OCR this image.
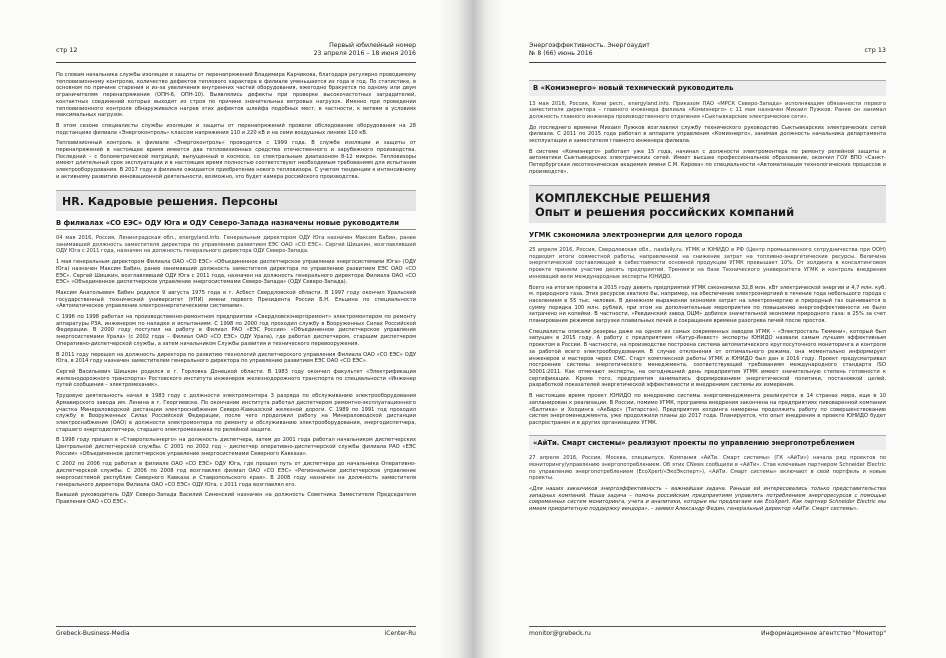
стр 12
Первый юбилейный номер
23 апреля 2016 – 18 июня 2016

По словам начальника службы изоляции и защиты от перенапряжений Владимира Карчикова, благодаря регулярно проводимому тепловизионному контролю, количество дефектов теплового характера в филиале уменьшается из года в год. По статистике, в основном по причине старения и из-за увеличения внутренних частей оборудования, ежегодно бракуется по одному или двум ограничителям перенапряжения (ОПН-6, ОПН-10). Выявлялись дефекты при проверке высокочастотных заградителей, контактных соединений которых выходят из строя по причине значительных ветровых нагрузок. Именно при проведении тепловизионного контроля обнаруживался нагрев этих дефектов шлейфа подобных мест, в частности, к ветвям в условиях максимальных нагрузок.

В этом сезоне специалисты службы изоляции и защиты от перенапряжений провели обследование оборудования на 28 подстанциях филиала «Энергоконтроль» классом напряжения 110 и 220 кВ и на семи воздушных линиях 110 кВ.

Тепловизионный контроль в филиале «Энергоконтроль» проводится с 1999 года. В службе изоляции и защиты от перенапряжений в настоящее время имеется два тепловизионных средства отечественного и зарубежного производства. Последний – с болометрической матрицей, выпущенный в космосе, со спектральным диапазоном 8-12 микрон. Тепловизоры имеют длительный срок эксплуатации и в настоящее время полностью соответствуют необходимым требованиям для испытания электрооборудования. В 2017 году в филиале ожидается приобретение нового тепловизора. С учетом тенденции к интенсивному и активному развитию инновационной деятельности, возможно, это будет камера российского производства.

HR. Кадровые решения. Персоны
В филиалах «СО ЕЭС» ОДУ Юга и ОДУ Северо-Запада назначены новые руководители

04 мая 2016, Россия, Ленинградская обл., energyland.info. Генеральным директором ОДУ Юга назначен Максим Бабин, ранее занимавший должность заместителя директора по управлению развитием ЕЭС ОАО «СО ЕЭС». Сергей Шишкин, возглавлявший ОДУ Юга с 2011 года, назначен на должность генерального директора ОДУ Северо-Запада.

1 мая генеральным директором Филиала ОАО «СО ЕЭС» «Объединенное диспетчерское управление энергосистемами Юга» (ОДУ Юга) назначен Максим Бабин, ранее занимавший должность заместителя директора по управлению развитием ЕЭС ОАО «СО ЕЭС». Сергей Шишкин, возглавлявший ОДУ Юга с 2011 года, назначен на должность генерального директора Филиала ОАО «СО ЕЭС» «Объединенное диспетчерское управление энергосистемами Северо-Запада» (ОДУ Северо-Запада).

Максим Анатольевич Бабин родился 9 августа 1975 года в г. Асбест Свердловской области. В 1997 году окончил Уральский государственный технический университет (УПИ) имени первого Президента России Б.Н. Ельцина по специальности «Автоматическое управление электроэнергетическими системами».

С 1996 по 1998 работал на производственно-ремонтном предприятии «Свердловскэнергоремонт» электромонтером по ремонту аппаратуры РЗА, инженером по наладке и испытаниям. С 1998 по 2000 год проходил службу в Вооруженных Силах Российской Федерации. В 2000 году поступил на работу в Филиал РАО «ЕЭС России» «Объединенное диспетчерское управление энергосистемами Урала» (с 2002 года – Филиал ОАО «СО ЕЭС» ОДУ Урала), где работал диспетчером, старшим диспетчером Оперативно-диспетчерской службы, а затем начальником Службы развития и технического перевооружения.

В 2011 году перешел на должность директора по развитию технологий диспетчерского управления Филиала ОАО «СО ЕЭС» ОДУ Юга, в 2014 году назначен заместителем генерального директора по управлению развитием ЕЭС ОАО «СО ЕЭС».

Сергей Васильевич Шишкин родился в г. Горловка Донецкой области. В 1983 году окончил факультет «Электрификация железнодорожного транспорта» Ростовского института инженеров железнодорожного транспорта по специальности «Инженер путей сообщения – электромеханик».

Трудовую деятельность начал в 1983 году с должности электромонтера 3 разряда по обслуживанию электрооборудования Армавирского завода им. Ленина в г. Георгиевске. По окончании института работал диспетчером ремонтно-эксплуатационного участка Минераловодской дистанции электроснабжения Северо-Кавказской железной дороги. С 1989 по 1991 год проходил службу в Вооруженных Силах Российской Федерации, после чего продолжил работу на Минераловодской дистанции электроснабжения (ОАО) в должности электромонтера по ремонту и обслуживанию электрооборудования, энергодиспетчера, старшего энергодиспетчера, старшего электромеханика по релейной защите.

В 1998 году пришел в «Ставропольэнерго» на должность диспетчера, затем до 2001 года работал начальником диспетчерских Центральной диспетчерской службы. С 2001 по 2002 год – диспетчер оперативно-диспетчерской службы филиала РАО «ЕЭС России» «Объединенное диспетчерское управление энергосистемами Северного Кавказа».

С 2002 по 2006 год работал в филиале ОАО «СО ЕЭС» ОДУ Юга, где прошел путь от диспетчера до начальника Оперативно-диспетчерской службы. С 2006 по 2008 год возглавлял филиал ОАО «СО ЕЭС» «Региональное диспетчерское управление энергосистемой республик Северного Кавказа и Ставропольского края». В 2008 году назначен на должность заместителя генерального директора Филиала ОАО «СО ЕЭС» ОДУ Юга, с 2011 года возглавлял его.

Бывший руководитель ОДУ Северо-Запада Василий Синенский назначен на должность Советника Заместителя Председателя Правления ОАО «СО ЕЭС».

Grebeck-Business-Media	iCenter-Ru
Энергоэффективность. Энергоаудит
№ 8 (66) июнь 2016	стр 13
В «Комиэнерго» новый технический руководитель

13 мая 2016, Россия, Коми респ., energyland.info. Приказом ПАО «МРСК Северо-Запада» исполняющим обязанности первого заместителя директора – главного инженера филиала «Комиэнерго» с 11 мая назначен Михаил Пужков. Ранее он занимал должность главного инженера производственного отделения «Сыктывкарские электрические сети».

До последнего времени Михаил Пужков возглавлял службу технического руководство Сыктывкарских электрических сетей филиала. С 2011 по 2015 года работал в аппарате управления «Комиэнерго», занимая должность начальника департамента эксплуатации и заместителя главного инженера филиала.

В системе «Комиэнерго» работает уже 15 года, начинал с должности электромонтера по ремонту релейной защиты и автоматики Сыктывкарских электрических сетей. Имеет высшее профессиональное образование, окончил ГОУ ВПО «Санкт-Петербургская лесотехническая академия имени С.М. Кирова» по специальности «Автоматизация технологических процессов и производств».

КОМПЛЕКСНЫЕ РЕШЕНИЯ
Опыт и решения российских компаний
УГМК сэкономила электроэнергии для целого города

25 апреля 2016, Россия, Свердловская обл., nasdaily.ru. УГМК и ЮНИДО в РФ (Центр промышленного сотрудничества при ООН) подводят итоги совместной работы, направленной на снижение затрат на топливно-энергетические ресурсы. Величина энергетической составляющей в себестоимости основной продукции УГМК превышает 10%. От холдинга в консалтинговом проекте приняли участие десять предприятий. Тренинги на базе Технического университета УГМК и контроль внедрения инноваций вели международные эксперты ЮНИДО.

Всего на итогам проекта в 2015 году девять предприятий УГМК сэкономили 32,8 млн. кВт электрической энергии и 4,7 млн. куб. м. природного газа. Этих ресурсов хватило бы, например, на обеспечение электроэнергией в течение года небольшого города с населением в 55 тыс. человек. В денежном выражении экономия затрат на электроэнергию и природный газ оценивается в сумму порядка 100 млн. рублей, при этом на дополнительные мероприятия по повышению энергоэффективности не было затрачено ни копейки. В частности, «Ревдинский завод ОЦМ» добился значительной экономии природного газа: в 25% за счет планирования режимов загрузки плавильных печей и сокращения времени разогрева печей после простоя.

Специалисты описали резервы даже на одном из самых современных заводов УГМК – «Электросталь Тюмени», который был запущен в 2015 году. А работу с предприятием «Катур-Инвест» эксперты ЮНИДО назвали самым лучшим эффективным проектом в России. В частности, на производстве построена система автоматического круглосуточного мониторинга и контроля за работой всего электрооборудования. В случае отклонения от оптимального режима, она моментально информирует инженеров и мастеров через СМС. Старт комплексной работы УГМК и ЮНИДО был дан в 2016 году. Проект предусматривал построение системы энергетического менеджмента, соответствующей требованиям международного стандарта ISO 50001:2011. Как отмечают эксперты, на сегодняшний день предприятия УГМК имеют значительную степень готовности к сертификации. Кроме того, предприятия занимались формированием энергетической политики, постановкой целей, разработкой показателей энергетической эффективности и внедрением системы их измерения.

В настоящее время проект ЮНИДО по внедрению системы энергоменеджмента реализуется в 14 странах мира, еще в 10 запланирован к реализации. В России, помимо УГМК, программа внедрения закончена на предприятиях пивоваренной компании «Балтика» и Холдинга «АкБарс» (Татарстан). Предприятия холдинга намерены продолжить работу по совершенствованию систем энергоменеджмента, уже продолжили планы до 2017 года. Планируется, что опыт внедрения в проекте ЮНИДО будет распространен и в других организациях УГМК.

«АйТи. Смарт системы» реализуют проекты по управлению энергопотреблением

27 апреля 2016, Россия, Москва, спецвыпуск. Компания «АйТи. Смарт системы» (ГК «АйТи») начала ряд проектов по мониторингу/управлению энергопотреблением. Об этих CNews сообщили в «АйТи». Став ключевым партнером Schneider Electric по управлению энергопотреблением (EcoXpert/«ЭкоЭксперт»), «АйТи. Смарт системы» включают в свой портфель и новые проекты.

«Для наших заказчиков энергоэффективность – важнейшая задача. Раньше ей интересовались только представительства западных компаний. Наша задача – помочь российским предприятиям управлять потреблением энергоресурсов с помощью современных систем мониторинга, учета и аналитики, которые мы предлагаем как EcoXpert. Как партнер Schneider Electric мы имеем приоритетную поддержку вендора», – заявил Александр Федин, генеральный директор «АйТи. Смарт системы».

monitor@grebeck.ru	Информационное агентство "Монитор"
